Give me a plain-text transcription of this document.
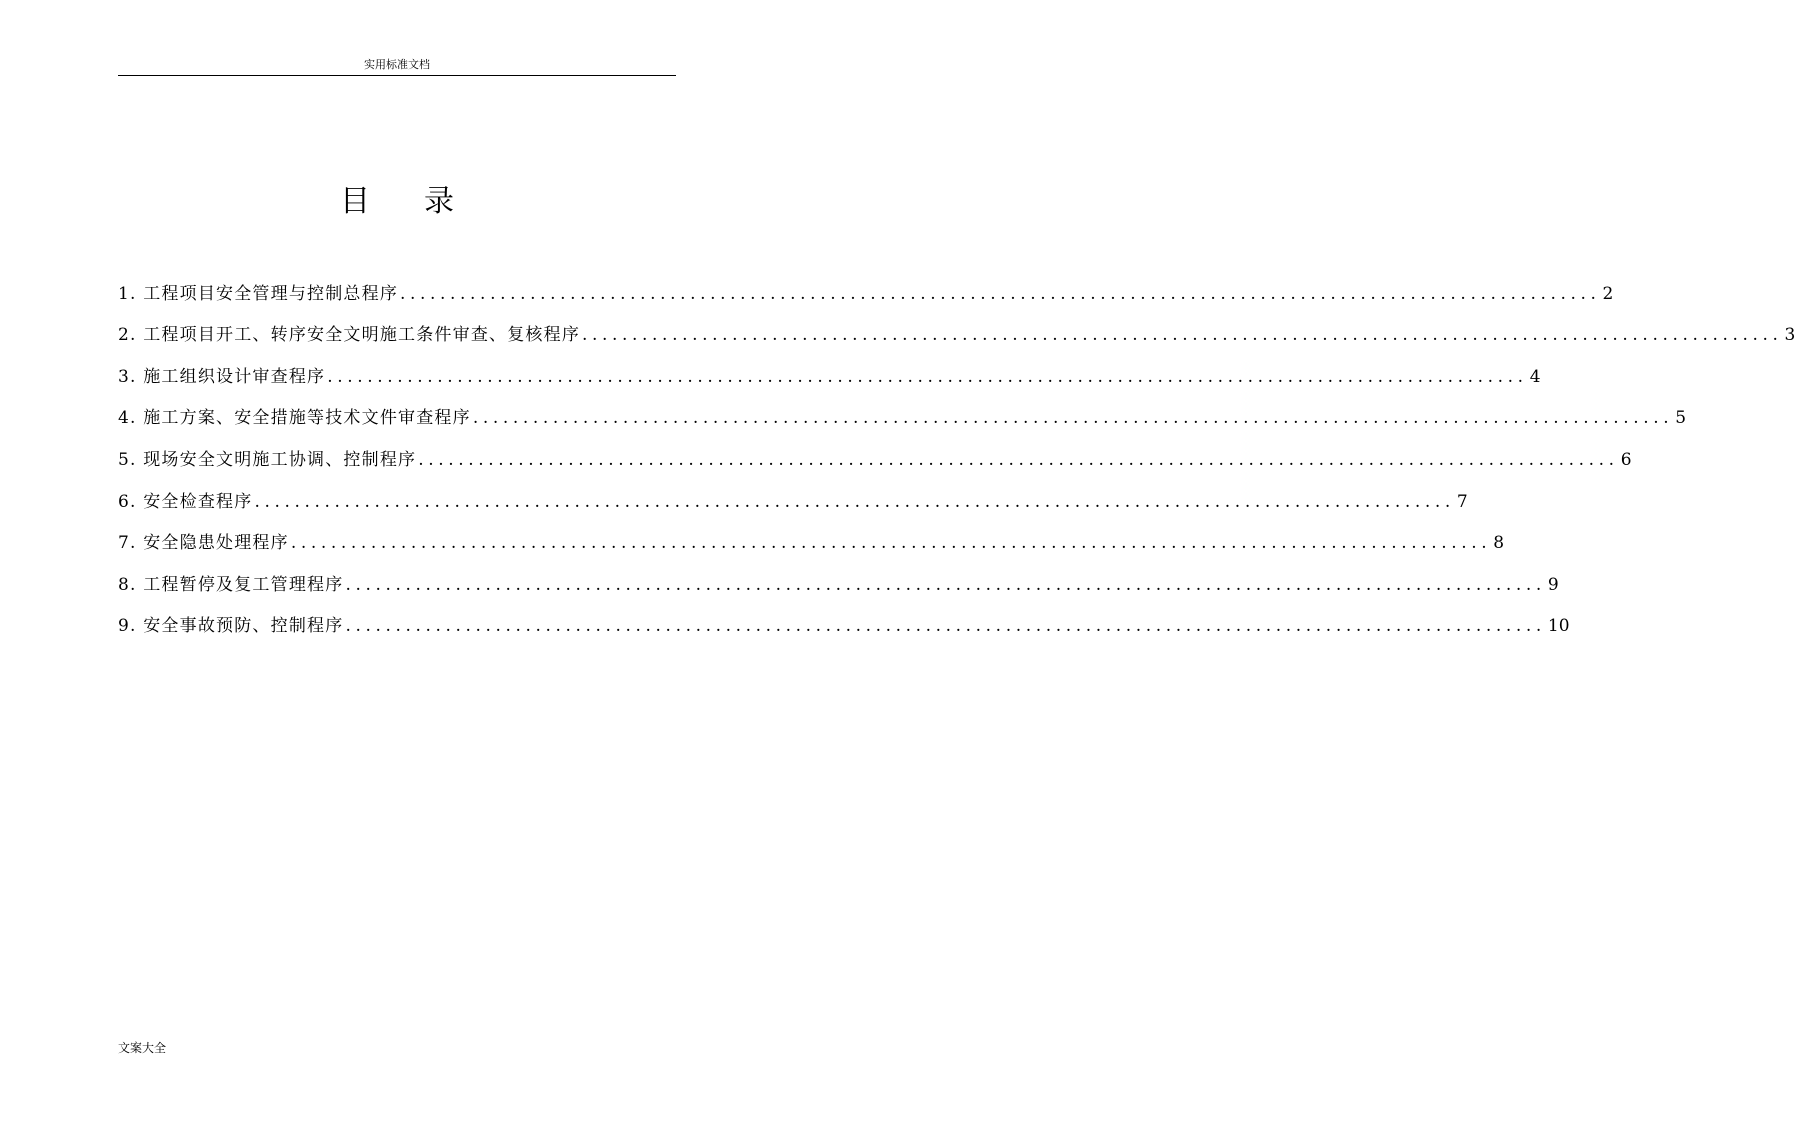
实用标准文档
目 录
1. 工程项目安全管理与控制总程序 ........................................................................................................................ 2
2. 工程项目开工、转序安全文明施工条件审查、复核程序 ........................................................................................................................ 3
3. 施工组织设计审查程序 ........................................................................................................................ 4
4. 施工方案、安全措施等技术文件审查程序 ........................................................................................................................ 5
5. 现场安全文明施工协调、控制程序 ........................................................................................................................ 6
6. 安全检查程序 ........................................................................................................................ 7
7. 安全隐患处理程序 ........................................................................................................................ 8
8. 工程暂停及复工管理程序 ........................................................................................................................ 9
9. 安全事故预防、控制程序 ........................................................................................................................ 10
文案大全
